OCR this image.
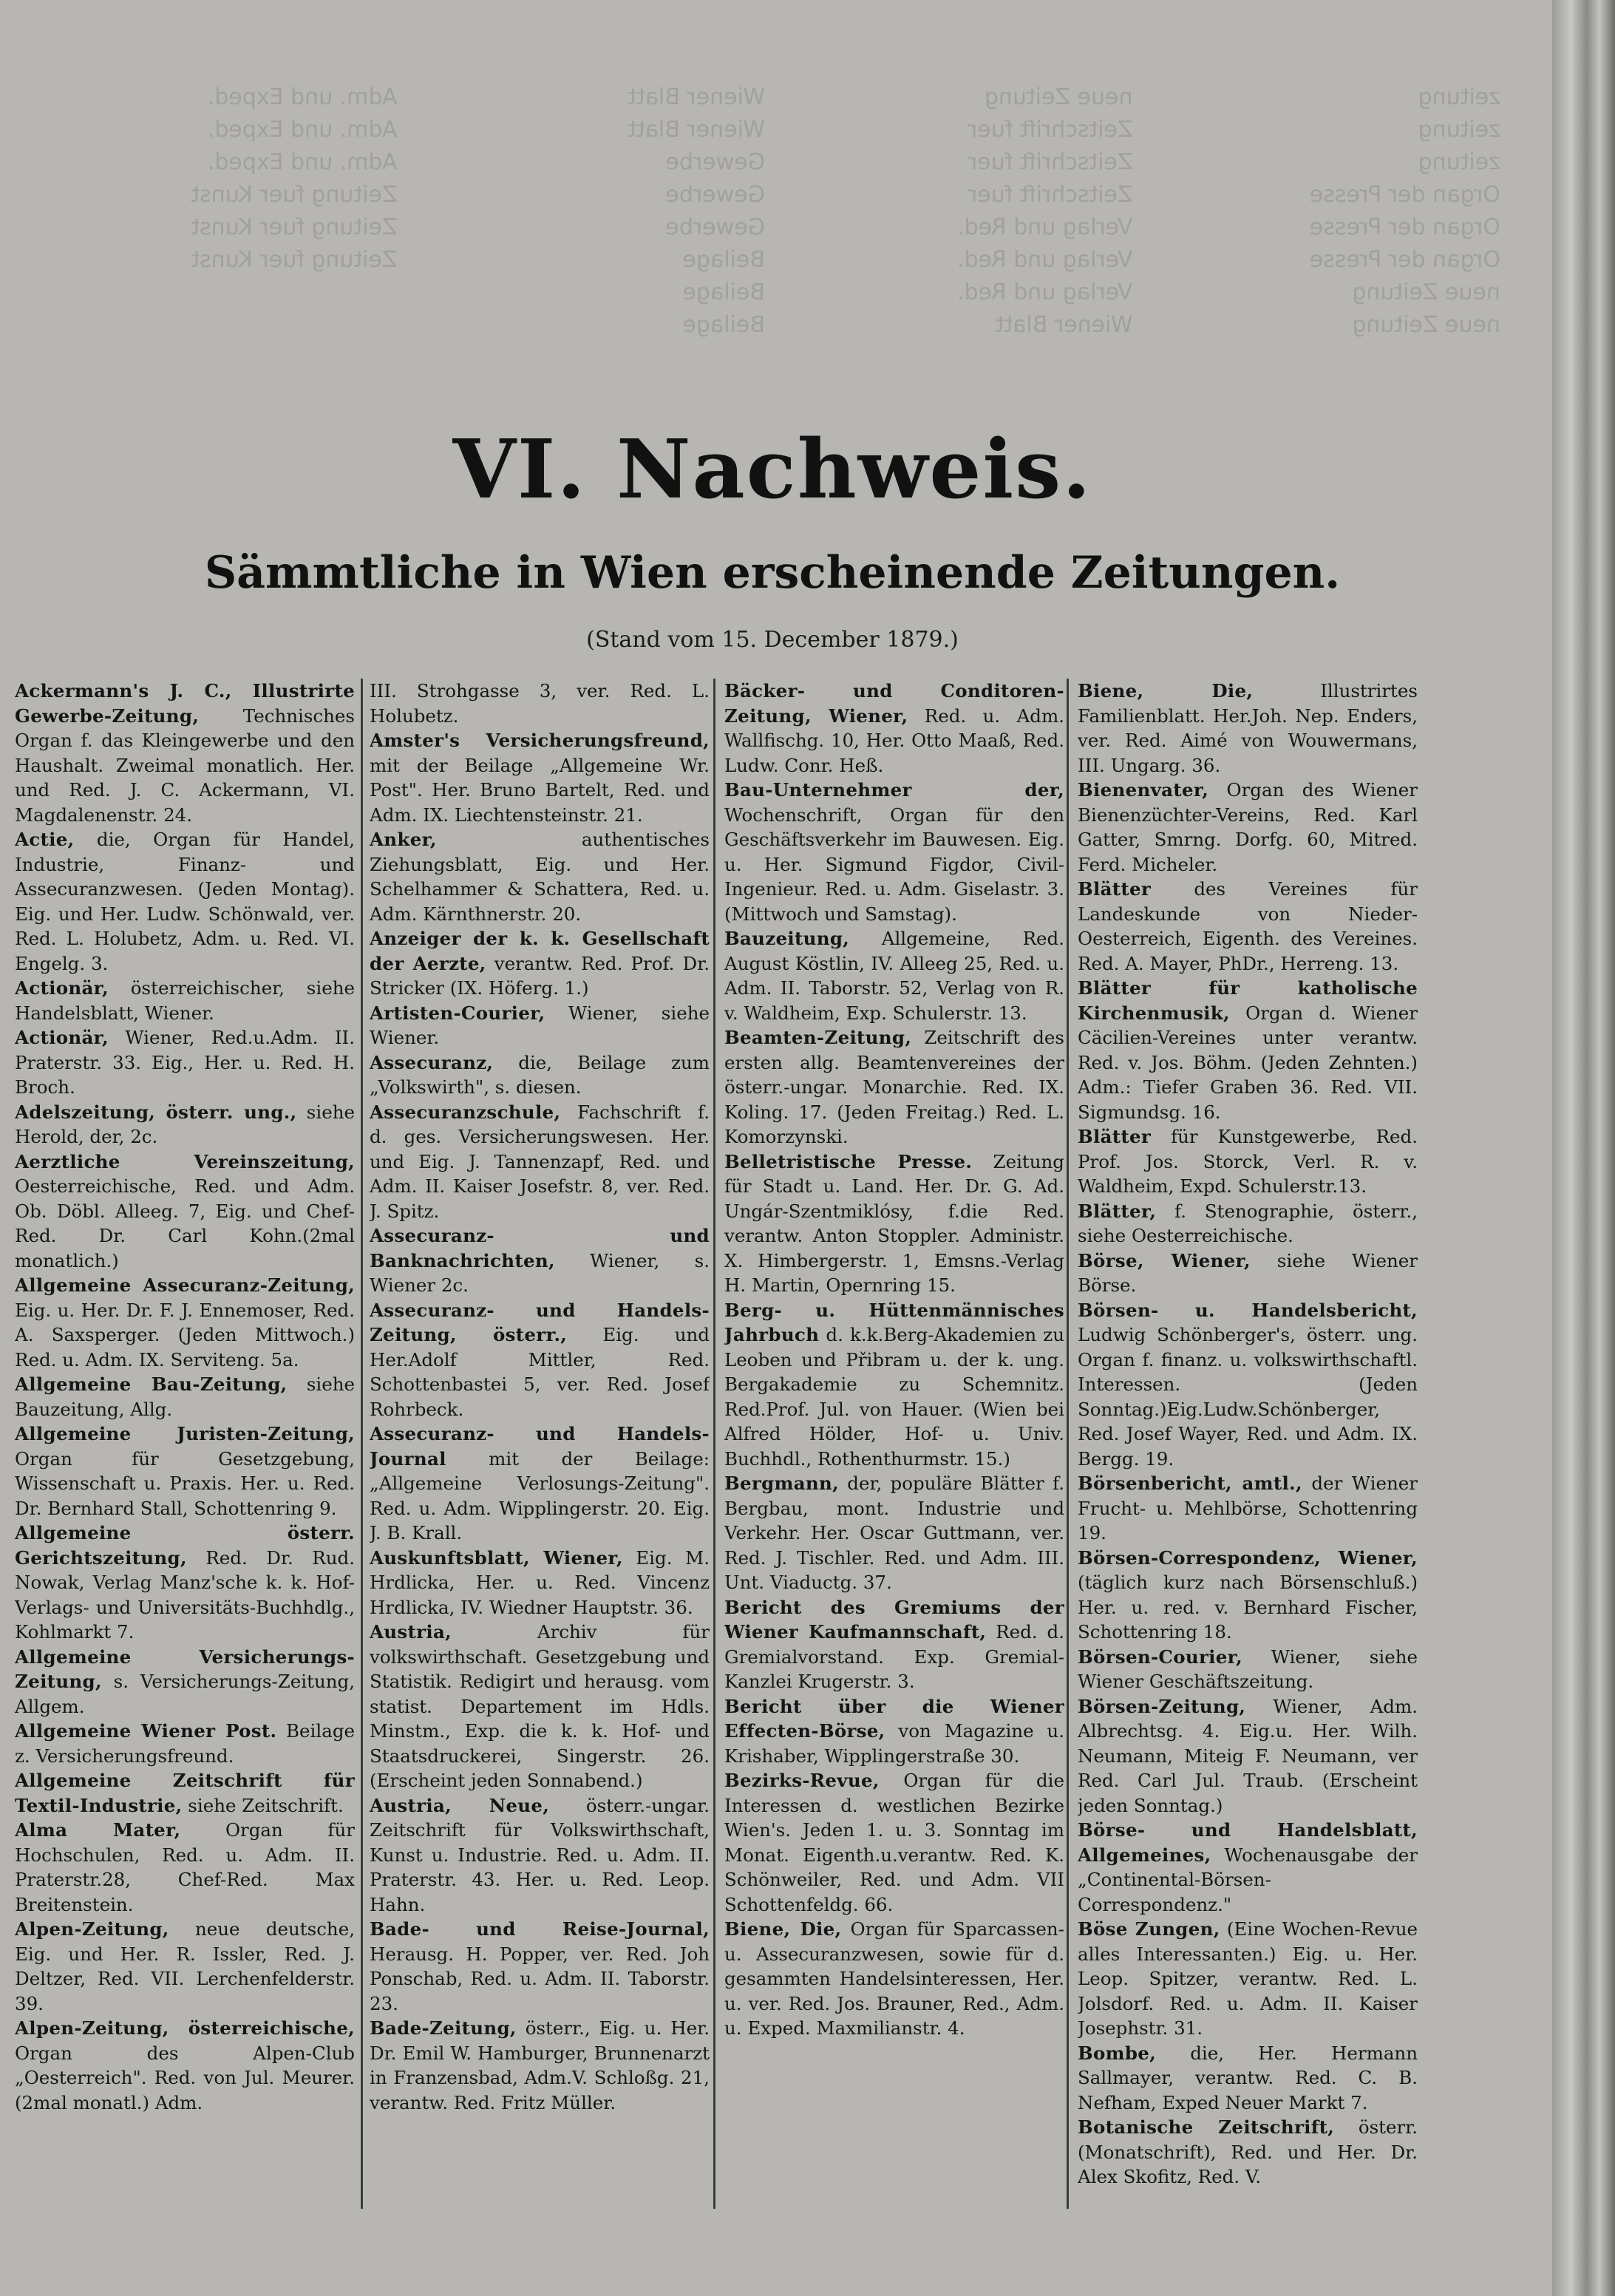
zeitung
zeitung
zeitung
Organ der Presse
Organ der Presse
Organ der Presse
neue Zeitung
neue Zeitung
neue Zeitung
Zeitschrift fuer
Zeitschrift fuer
Zeitschrift fuer
Verlag und Red.
Verlag und Red.
Verlag und Red.
Wiener Blatt
Wiener Blatt
Wiener Blatt
Gewerbe
Gewerbe
Gewerbe
Beilage
Beilage
Beilage
Adm. und Exped.
Adm. und Exped.
Adm. und Exped.
Zeitung fuer Kunst
Zeitung fuer Kunst
Zeitung fuer Kunst
VI. Nachweis.
Sämmtliche in Wien erscheinende Zeitungen.
(Stand vom 15. December 1879.)

Ackermann's J. C., Illustrirte Gewerbe-Zeitung, Technisches Organ f. das Kleingewerbe und den Haushalt. Zweimal monatlich. Her. und Red. J. C. Ackermann, VI. Magdalenenstr. 24.

Actie, die, Organ für Handel, Industrie, Finanz- und Assecuranzwesen. (Jeden Montag). Eig. und Her. Ludw. Schönwald, ver. Red. L. Holubetz, Adm. u. Red. VI. Engelg. 3.

Actionär, österreichischer, siehe Handelsblatt, Wiener.

Actionär, Wiener, Red.u.Adm. II. Praterstr. 33. Eig., Her. u. Red. H. Broch.

Adelszeitung, österr. ung., siehe Herold, der, 2c.

Aerztliche Vereinszeitung, Oesterreichische, Red. und Adm. Ob. Döbl. Alleeg. 7, Eig. und Chef-Red. Dr. Carl Kohn.(2mal monatlich.)

Allgemeine Assecuranz-Zeitung, Eig. u. Her. Dr. F. J. Ennemoser, Red. A. Saxsperger. (Jeden Mittwoch.) Red. u. Adm. IX. Serviteng. 5a.

Allgemeine Bau-Zeitung, siehe Bauzeitung, Allg.

Allgemeine Juristen-Zeitung, Organ für Gesetzgebung, Wissenschaft u. Praxis. Her. u. Red. Dr. Bernhard Stall, Schottenring 9.

Allgemeine österr. Gerichtszeitung, Red. Dr. Rud. Nowak, Verlag Manz'sche k. k. Hof-Verlags- und Universitäts-Buchhdlg., Kohlmarkt 7.

Allgemeine Versicherungs-Zeitung, s. Versicherungs-Zeitung, Allgem.

Allgemeine Wiener Post. Beilage z. Versicherungsfreund.

Allgemeine Zeitschrift für Textil-Industrie, siehe Zeitschrift.

Alma Mater, Organ für Hochschulen, Red. u. Adm. II. Praterstr.28, Chef-Red. Max Breitenstein.

Alpen-Zeitung, neue deutsche, Eig. und Her. R. Issler, Red. J. Deltzer, Red. VII. Lerchenfelderstr. 39.

Alpen-Zeitung, österreichische, Organ des Alpen-Club „Oesterreich". Red. von Jul. Meurer. (2mal monatl.) Adm.

III. Strohgasse 3, ver. Red. L. Holubetz.

Amster's Versicherungsfreund, mit der Beilage „Allgemeine Wr. Post". Her. Bruno Bartelt, Red. und Adm. IX. Liechtensteinstr. 21.

Anker,	authentisches Ziehungsblatt, Eig. und Her. Schelhammer & Schattera, Red. u. Adm. Kärnthnerstr. 20.

Anzeiger der k. k. Gesellschaft der Aerzte, verantw. Red. Prof. Dr. Stricker (IX. Höferg. 1.)

Artisten-Courier, Wiener, siehe Wiener.

Assecuranz, die, Beilage zum „Volkswirth", s. diesen.

Assecuranzschule, Fachschrift f. d. ges. Versicherungswesen. Her. und Eig. J. Tannenzapf, Red. und Adm. II. Kaiser Josefstr. 8, ver. Red. J. Spitz.

Assecuranz- und Banknachrichten, Wiener, s. Wiener 2c.

Assecuranz- und Handels-Zeitung, österr., Eig. und Her.Adolf Mittler, Red. Schottenbastei 5, ver. Red. Josef Rohrbeck.

Assecuranz- und Handels-Journal mit der Beilage: „Allgemeine Verlosungs-Zeitung". Red. u. Adm. Wipplingerstr. 20. Eig. J. B. Krall.

Auskunftsblatt, Wiener, Eig. M. Hrdlicka, Her. u. Red. Vincenz Hrdlicka, IV. Wiedner Hauptstr. 36.

Austria,	Archiv für volkswirthschaft. Gesetzgebung und Statistik. Redigirt und herausg. vom statist. Departement im Hdls. Minstm., Exp. die k. k. Hof- und Staatsdruckerei, Singerstr. 26. (Erscheint jeden Sonnabend.)

Austria, Neue, österr.-ungar. Zeitschrift für Volkswirthschaft, Kunst u. Industrie. Red. u. Adm. II. Praterstr. 43. Her. u. Red. Leop. Hahn.

Bade- und Reise-Journal, Herausg. H. Popper, ver. Red. Joh Ponschab, Red. u. Adm. II. Taborstr. 23.

Bade-Zeitung, österr., Eig. u. Her. Dr. Emil W. Hamburger, Brunnenarzt in Franzensbad, Adm.V. Schloßg. 21, verantw. Red. Fritz Müller.

Bäcker- und Conditoren-Zeitung, Wiener, Red. u. Adm. Wallfischg. 10, Her. Otto Maaß, Red. Ludw. Conr. Heß.

Bau-Unternehmer der, Wochenschrift, Organ für den Geschäftsverkehr im Bauwesen. Eig. u. Her. Sigmund Figdor, Civil-Ingenieur. Red. u. Adm. Giselastr. 3. (Mittwoch und Samstag).

Bauzeitung, Allgemeine, Red. August Köstlin, IV. Alleeg 25, Red. u. Adm. II. Taborstr. 52, Verlag von R. v. Waldheim, Exp. Schulerstr. 13.

Beamten-Zeitung, Zeitschrift des ersten allg. Beamtenvereines der österr.-ungar. Monarchie. Red. IX. Koling. 17. (Jeden Freitag.) Red. L. Komorzynski.

Belletristische Presse. Zeitung für Stadt u. Land. Her. Dr. G. Ad. Ungár-Szentmiklósy, f.die Red. verantw. Anton Stoppler. Administr. X. Himbergerstr. 1, Emsns.-Verlag H. Martin, Opernring 15.

Berg- u. Hüttenmännisches Jahrbuch d. k.k.Berg-Akademien zu Leoben und Přibram u. der k. ung. Bergakademie zu Schemnitz. Red.Prof. Jul. von Hauer. (Wien bei Alfred Hölder, Hof- u. Univ. Buchhdl., Rothenthurmstr. 15.)

Bergmann, der, populäre Blätter f. Bergbau, mont. Industrie und Verkehr. Her. Oscar Guttmann, ver. Red. J. Tischler. Red. und Adm. III. Unt. Viaductg. 37.

Bericht des Gremiums der Wiener Kaufmannschaft, Red. d. Gremialvorstand. Exp. Gremial-Kanzlei Krugerstr. 3.

Bericht über die Wiener Effecten-Börse, von Magazine u. Krishaber, Wipplingerstraße 30.

Bezirks-Revue, Organ für die Interessen d. westlichen Bezirke Wien's. Jeden 1. u. 3. Sonntag im Monat. Eigenth.u.verantw. Red. K. Schönweiler, Red. und Adm. VII Schottenfeldg. 66.

Biene, Die, Organ für Sparcassen- u. Assecuranzwesen, sowie für d. gesammten Handelsinteressen, Her. u. ver. Red. Jos. Brauner, Red., Adm. u. Exped. Maxmilianstr. 4.

Biene, Die,	Illustrirtes Familienblatt. Her.Joh. Nep. Enders, ver. Red. Aimé von Wouwermans, III. Ungarg. 36.

Bienenvater, Organ des Wiener Bienenzüchter-Vereins, Red. Karl Gatter, Smrng. Dorfg. 60, Mitred. Ferd. Micheler.

Blätter des Vereines für Landeskunde von Nieder-Oesterreich, Eigenth. des Vereines. Red. A. Mayer, PhDr., Herreng. 13.

Blätter für katholische Kirchenmusik, Organ d. Wiener Cäcilien-Vereines unter verantw. Red. v. Jos. Böhm. (Jeden Zehnten.) Adm.: Tiefer Graben 36. Red. VII. Sigmundsg. 16.

Blätter für Kunstgewerbe, Red. Prof. Jos. Storck, Verl. R. v. Waldheim, Expd. Schulerstr.13.

Blätter, f. Stenographie, österr., siehe Oesterreichische.

Börse, Wiener, siehe Wiener Börse.

Börsen- u. Handelsbericht, Ludwig Schönberger's, österr. ung. Organ f. finanz. u. volkswirthschaftl. Interessen. (Jeden Sonntag.)Eig.Ludw.Schönberger, Red. Josef Wayer, Red. und Adm. IX. Bergg. 19.

Börsenbericht, amtl., der Wiener Frucht- u. Mehlbörse, Schottenring 19.

Börsen-Correspondenz, Wiener, (täglich kurz nach Börsenschluß.) Her. u. red. v. Bernhard Fischer, Schottenring 18.

Börsen-Courier, Wiener, siehe Wiener Geschäftszeitung.

Börsen-Zeitung, Wiener, Adm. Albrechtsg. 4. Eig.u. Her. Wilh. Neumann, Miteig F. Neumann, ver Red. Carl Jul. Traub. (Erscheint jeden Sonntag.)

Börse- und Handelsblatt, Allgemeines, Wochenausgabe der „Continental-Börsen-Correspondenz."

Böse Zungen, (Eine Wochen-Revue alles Interessanten.) Eig. u. Her. Leop. Spitzer, verantw. Red. L. Jolsdorf. Red. u. Adm. II. Kaiser Josephstr. 31.

Bombe, die, Her. Hermann Sallmayer, verantw. Red. C. B. Nefham, Exped Neuer Markt 7.

Botanische Zeitschrift, österr. (Monatschrift), Red. und Her. Dr. Alex Skofitz, Red. V.
